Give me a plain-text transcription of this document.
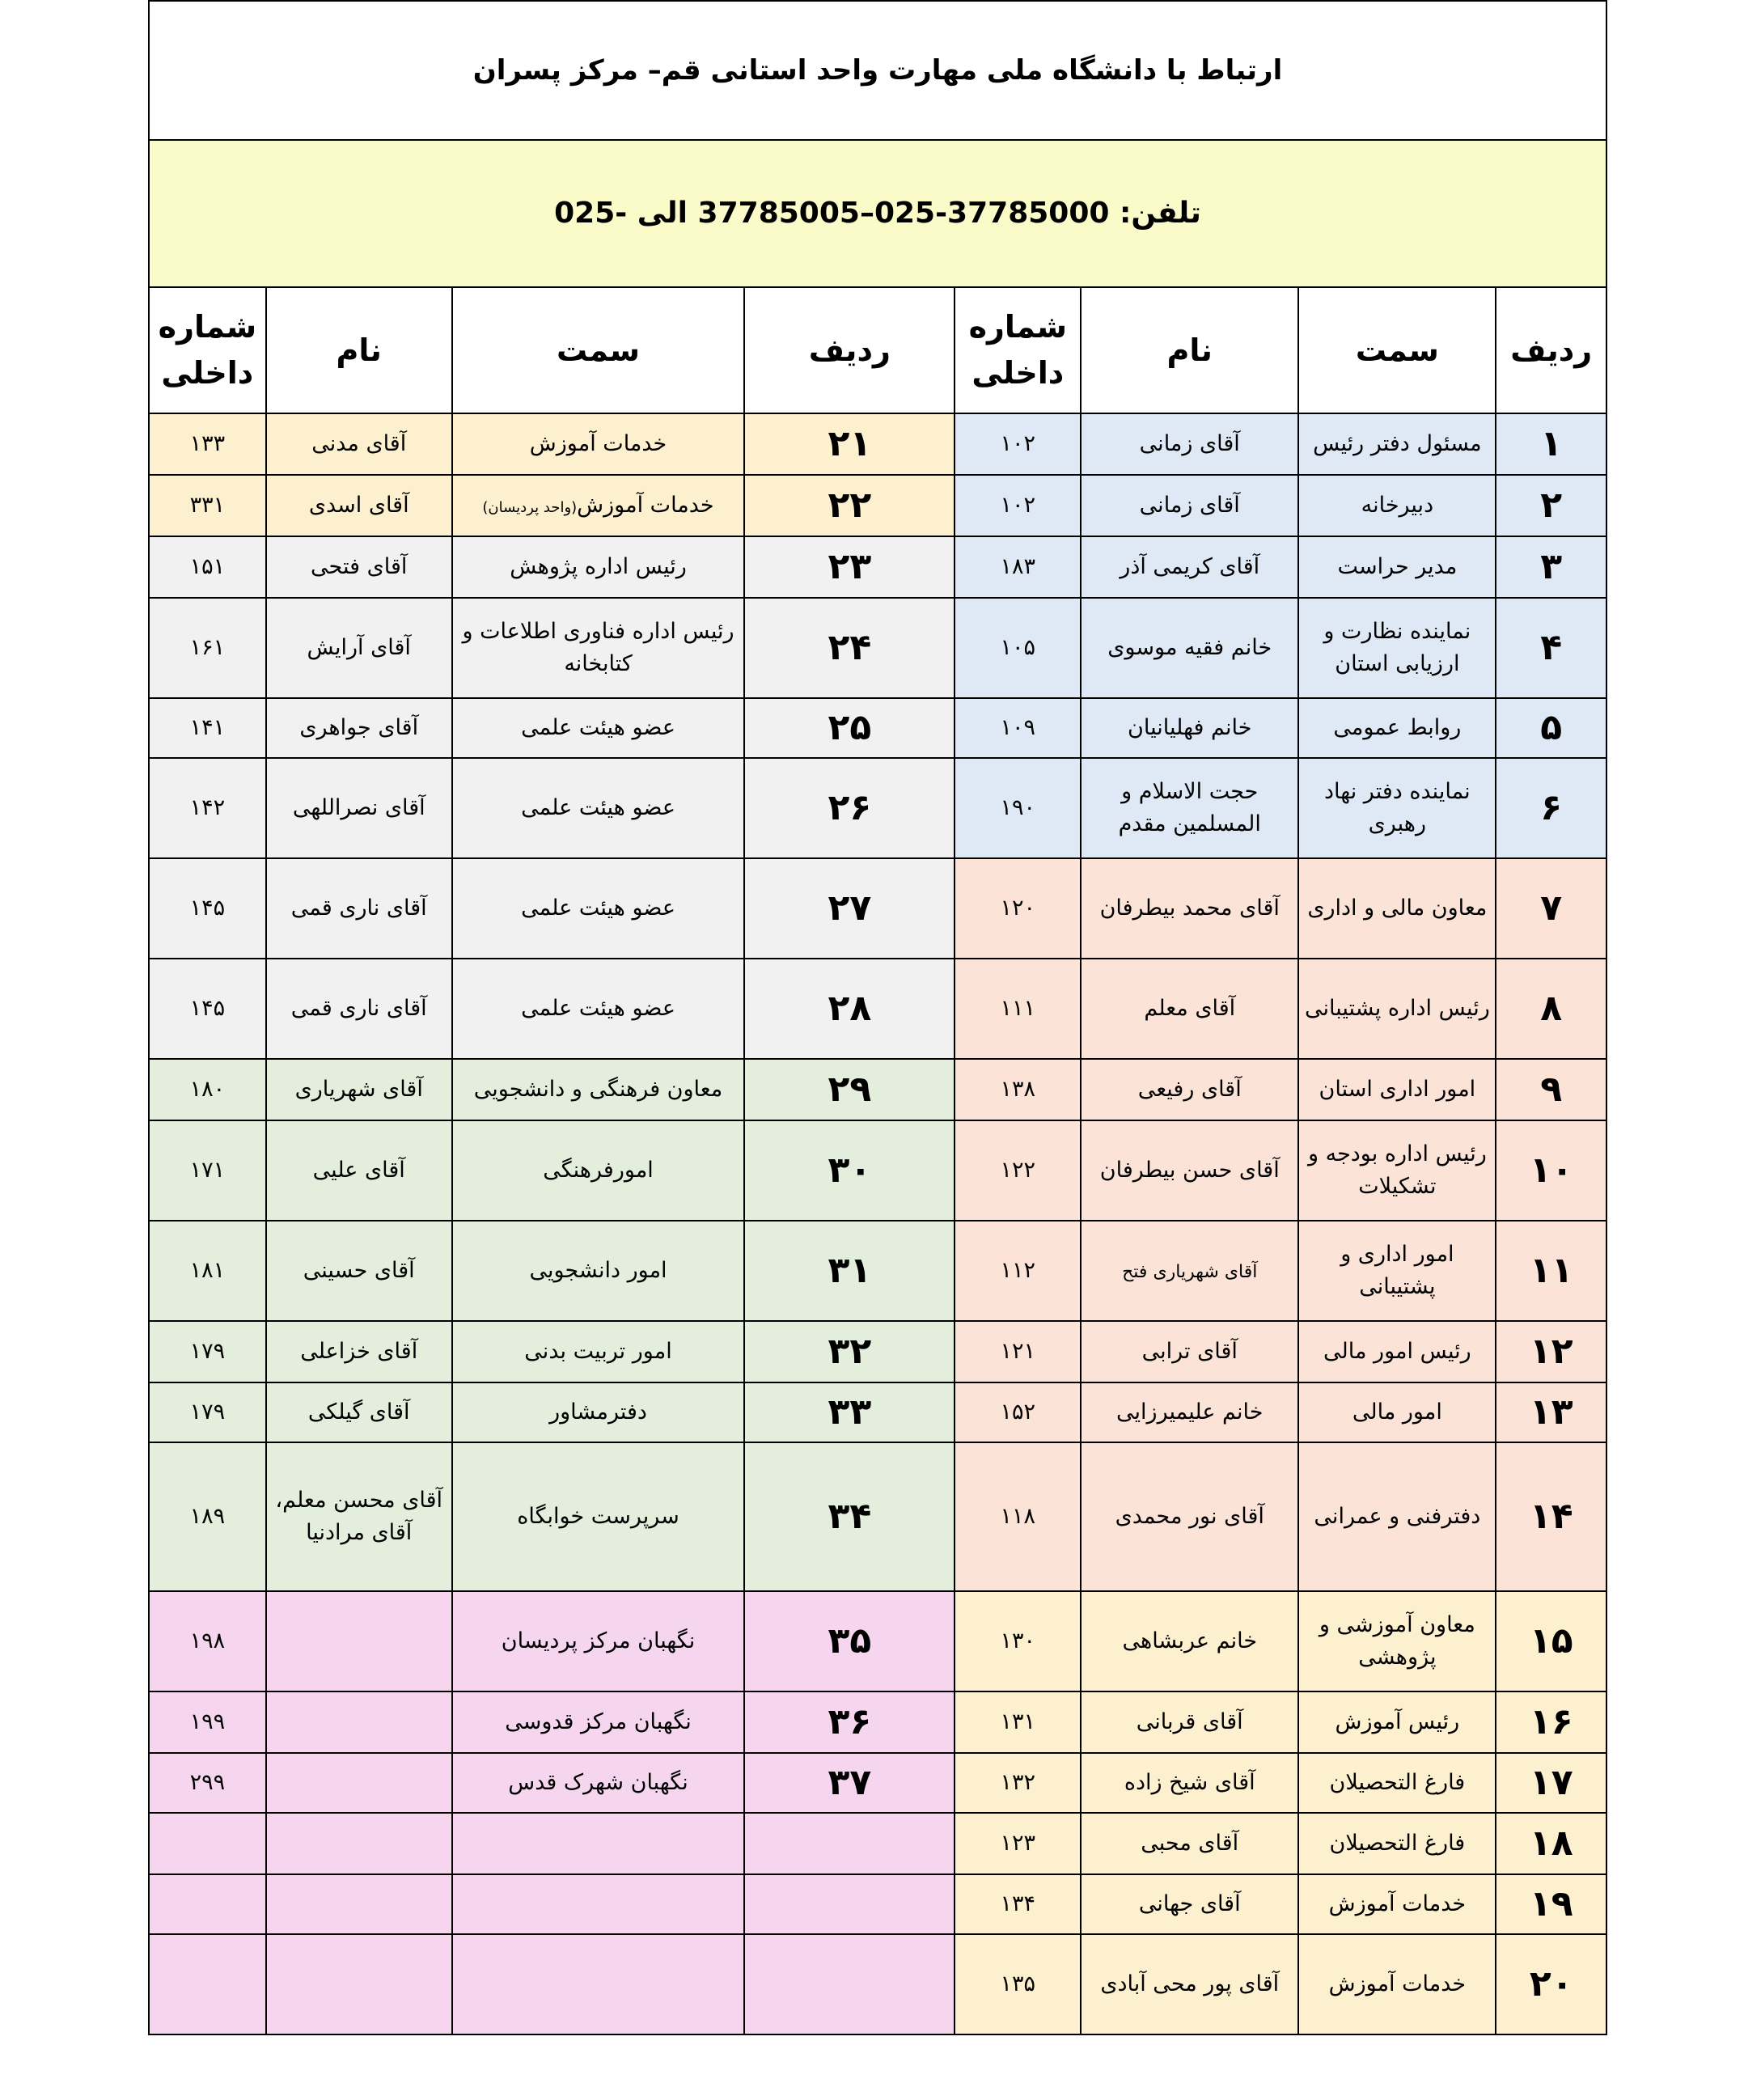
ارتباط با دانشگاه ملی مهارت واحد استانی قم– مرکز پسران							
تلفن: 37785000-025–37785005 الی -025							
ردیف	سمت	نام	شماره داخلی	ردیف	سمت	نام	شماره داخلی
۱	مسئول دفتر رئیس	آقای زمانی	۱۰۲	۲۱	خدمات آموزش	آقای مدنی	۱۳۳
۲	دبیرخانه	آقای زمانی	۱۰۲	۲۲	خدمات آموزش(واحد پردیسان)	آقای اسدی	۳۳۱
۳	مدیر حراست	آقای کریمی آذر	۱۸۳	۲۳	رئیس اداره پژوهش	آقای فتحی	۱۵۱
۴	نماینده نظارت و ارزیابی استان	خانم فقیه موسوی	۱۰۵	۲۴	رئیس اداره فناوری اطلاعات و کتابخانه	آقای آرایش	۱۶۱
۵	روابط عمومی	خانم فهلیانیان	۱۰۹	۲۵	عضو هیئت علمی	آقای جواهری	۱۴۱
۶	نماینده دفتر نهاد رهبری	حجت الاسلام و المسلمین مقدم	۱۹۰	۲۶	عضو هیئت علمی	آقای نصراللهی	۱۴۲
۷	معاون مالی و اداری	آقای محمد بیطرفان	۱۲۰	۲۷	عضو هیئت علمی	آقای ناری قمی	۱۴۵
۸	رئیس اداره پشتیبانی	آقای معلم	۱۱۱	۲۸	عضو هیئت علمی	آقای ناری قمی	۱۴۵
۹	امور اداری استان	آقای رفیعی	۱۳۸	۲۹	معاون فرهنگی و دانشجویی	آقای شهریاری	۱۸۰
۱۰	رئیس اداره بودجه و تشکیلات	آقای حسن بیطرفان	۱۲۲	۳۰	امورفرهنگی	آقای علیی	۱۷۱
۱۱	امور اداری و پشتیبانی	آقای شهریاری فتح	۱۱۲	۳۱	امور دانشجویی	آقای حسینی	۱۸۱
۱۲	رئیس امور مالی	آقای ترابی	۱۲۱	۳۲	امور تربیت بدنی	آقای خزاعلی	۱۷۹
۱۳	امور مالی	خانم علیمیرزایی	۱۵۲	۳۳	دفترمشاور	آقای گیلکی	۱۷۹
۱۴	دفترفنی و عمرانی	آقای نور محمدی	۱۱۸	۳۴	سرپرست خوابگاه	آقای محسن معلم، آقای مرادنیا	۱۸۹
۱۵	معاون آموزشی و پژوهشی	خانم عربشاهی	۱۳۰	۳۵	نگهبان مرکز پردیسان		۱۹۸
۱۶	رئیس آموزش	آقای قربانی	۱۳۱	۳۶	نگهبان مرکز قدوسی		۱۹۹
۱۷	فارغ التحصیلان	آقای شیخ زاده	۱۳۲	۳۷	نگهبان شهرک قدس		۲۹۹
۱۸	فارغ التحصیلان	آقای محبی	۱۲۳				
۱۹	خدمات آموزش	آقای جهانی	۱۳۴				
۲۰	خدمات آموزش	آقای پور محی آبادی	۱۳۵				
